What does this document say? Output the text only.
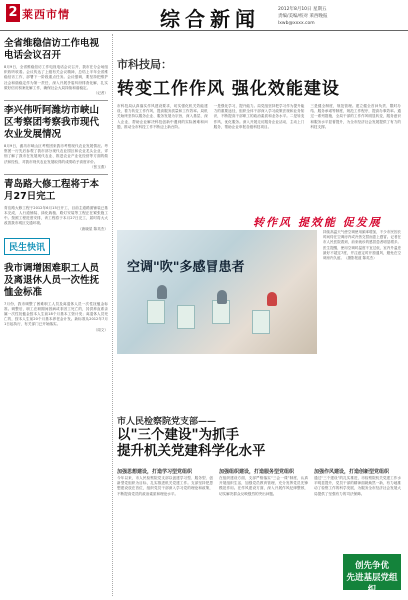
2 莱西市情	综合新闻	2012年8月10日 星期五
责编/美编/校对 莱西晚报
lxwb@xxxx.com
全省维稳信访工作电视电话会议召开
8月9日，全省维稳信访工作电视电话会议召开，我市在分会场组织收听收看。会议传达了上级有关会议精神，总结上半年全省维稳信访工作，部署下一阶段重点任务。会议强调，要坚持把维护社会和谐稳定作为第一责任，深入开展矛盾纠纷排查化解，扎实做好信访积案化解工作，确保社会大局持续和谐稳定。
（记者）
李兴伟听阿潍坊市峡山区考察团考察我市现代农业发展情况
8月9日，潍坊市峡山区考察团来我市考察现代农业发展情况。考察团一行先后参观了我市部分现代农业园区和农业龙头企业，详细了解了我市在发展现代农业、推进农业产业化经营等方面的做法和经验，对我市现代农业发展取得的成绩给予高度评价。
（张玉燕）
青岛路大修工程将于本月27日完工
青岛路大修工程于2012年6月15日开工，目前主道路面铺装已基本完成，人行道铺装、绿化栽植、路灯安装等工程正在紧张施工中。按照工程进度安排，该工程将于本月27日完工，届时将大大改善我市城区交通环境。
（唐晓星 陈英杰）
民生快讯
我市调增困难职工人员及离退休人员一次性抚恤金标准
7月份，我市调整了困难职工人员及离退休人员一次性抚恤金标准。调整后，职工在职期间因病或非因工死亡的，其供养直系亲属一次性抚恤金按本人生前18个月基本工资计发；离退休人员死亡的，按本人生前20个月基本养老金计发。新标准从2012年7月1日起执行，有关部门已开始落实。
（周文）
市科技局：
转变工作作风 强化效能建设
市科技局认真落实作风建设要求，切实强化机关效能建设，着力转变工作作风，提高服务质量和工作效率。局机关始终坚持以服务企业、服务发展为宗旨，深入基层、深入企业，帮助企业解决科技创新中遇到的实际困难和问题，推动全市科技工作不断迈上新台阶。
一是强化学习，提升能力。局党组坚持把学习作为提升能力的重要途径，组织全体干部深入学习政策法规和业务知识，不断提高干部职工的政治素质和业务水平。二是转变作风，优化服务。深入开展走访服务企业活动，主动上门服务，帮助企业申报各级科技项目。
三是健全制度，规范管理。建立健全首问负责、限时办结、服务承诺等制度，规范工作程序，提高办事效率。通过一系列措施，全局干部的工作作风明显转变，服务意识和服务水平显著提升，为全市经济社会发展提供了有力的科技支撑。
转作风 提效能 促发展
空调"吹"多感冒患者
持续高温天气使空调使用频率增加，不少市民因长时间待在空调房内或冷热交替而患上感冒。记者在市人民医院看到，前来就诊的感冒患者明显增多。医生提醒，使用空调时温度不宜过低，室内外温差最好不超过7度，并注意定时开窗通风，避免在空调房内久留。（摄影报道 陈英杰）
市人民检察院党支部——
以"三个建设"为抓手
提升机关党建科学化水平
加强思想建设，打造学习型党组织
今年以来，市人民检察院党支部以创建学习型、服务型、创新型党组织为目标，扎实推进机关党建工作。支部坚持把思想建设放在首位，组织党员干部深入学习党的理论和政策，不断提高党员的政治素质和理论水平。
加强组织建设，打造服务型党组织
在组织建设方面，支部严格落实“三会一课”制度，认真开展组织生活，加强党员教育管理，充分发挥党员先锋模范作用。在作风建设方面，深入开展作风纪律整顿，切实解决群众反映强烈的突出问题。
加强作风建设，打造创新型党组织
通过“三个建设”的扎实推进，市检察院机关党建工作水平明显提升，党员干部的精神面貌焕然一新，有力地推动了检察工作的科学发展，为服务全市经济社会发展大局提供了坚强有力的司法保障。
创先争优
先进基层党组织
